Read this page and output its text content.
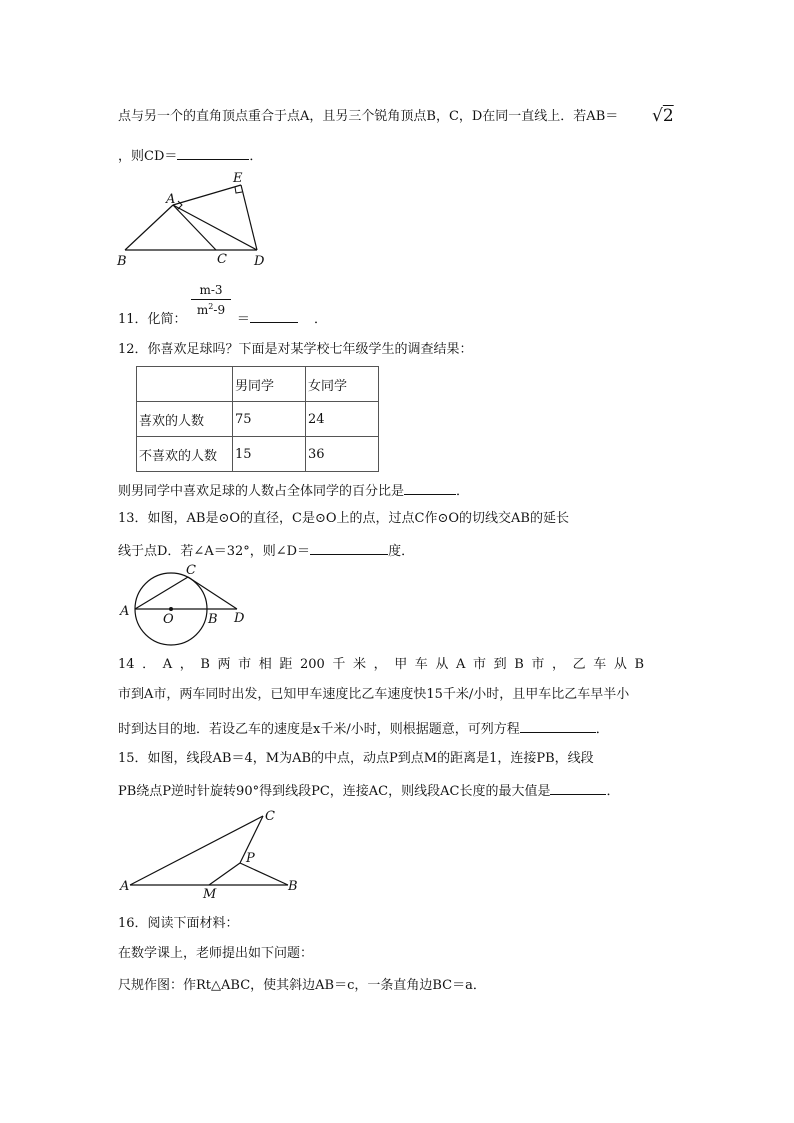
点与另一个的直角顶点重合于点A，且另三个锐角顶点B，C，D在同一直线上．若AB＝ √2
，则CD＝	．
A
E
B	C D
11．化简：	＝	．
$\frac{m-3}{m^2-9}$
12．你喜欢足球吗？下面是对某学校七年级学生的调查结果：
	男同学	女同学
喜欢的人数	75	24
不喜欢的人数	15	36
则男同学中喜欢足球的人数占全体同学的百分比是	．
13．如图，AB是⊙O的直径，C是⊙O上的点，过点C作⊙O的切线交AB的延长
线于点D．若∠A＝32°，则∠D＝	度．
A
O	B
C
D
14．A，B两市相距200千米，甲车从A市到B市，乙车从B
市到A市，两车同时出发，已知甲车速度比乙车速度快15千米/小时，且甲车比乙车早半小
时到达目的地．若设乙车的速度是x千米/小时，则根据题意，可列方程	．
15．如图，线段AB＝4，M为AB的中点，动点P到点M的距离是1，连接PB，线段
PB绕点P逆时针旋转90°得到线段PC，连接AC，则线段AC长度的最大值是	．
A
M
P
B
C
16．阅读下面材料：
在数学课上，老师提出如下问题：
尺规作图：作Rt△ABC，使其斜边AB＝c，一条直角边BC＝a．
